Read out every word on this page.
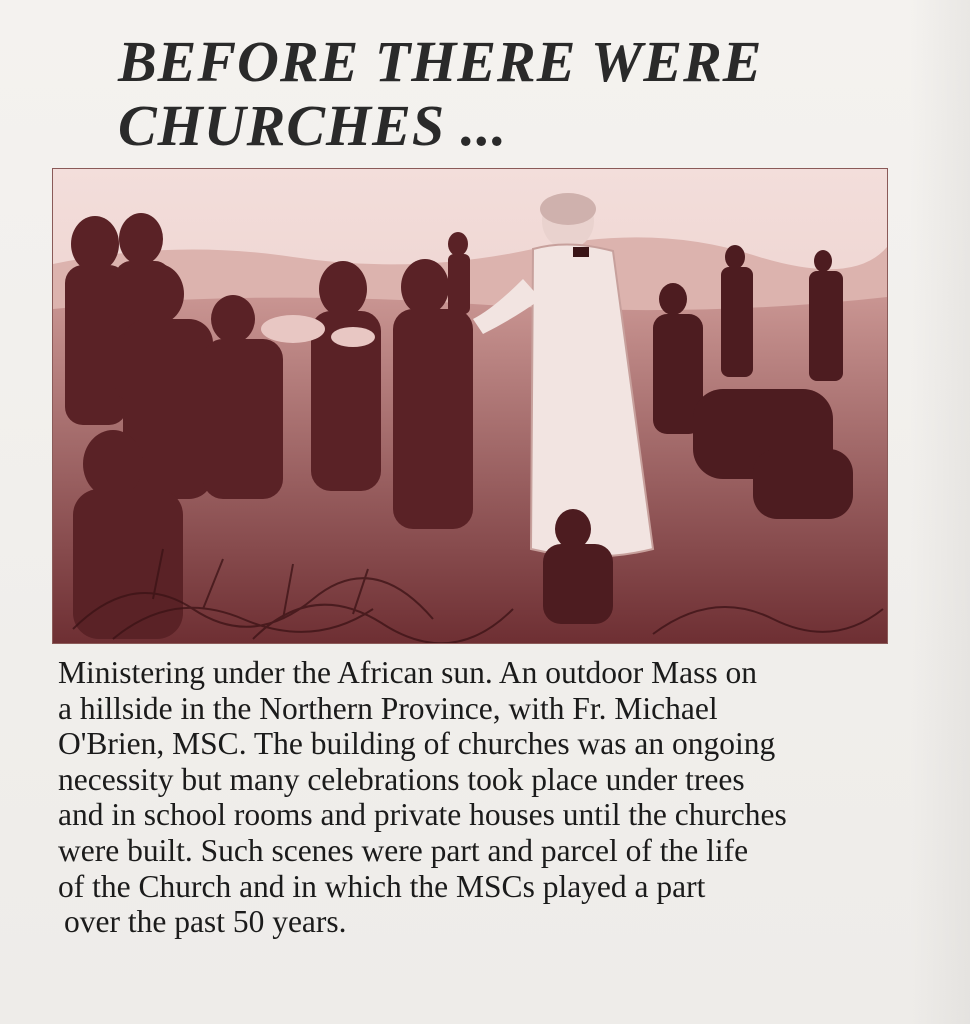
BEFORE THERE WERE
CHURCHES ...

Ministering under the African sun. An outdoor Mass on
a hillside in the Northern Province, with Fr. Michael
O'Brien, MSC. The building of churches was an ongoing
necessity but many celebrations took place under trees
and in school rooms and private houses until the churches
were built. Such scenes were part and parcel of the life
of the Church and in which the MSCs played a part
over the past 50 years.
